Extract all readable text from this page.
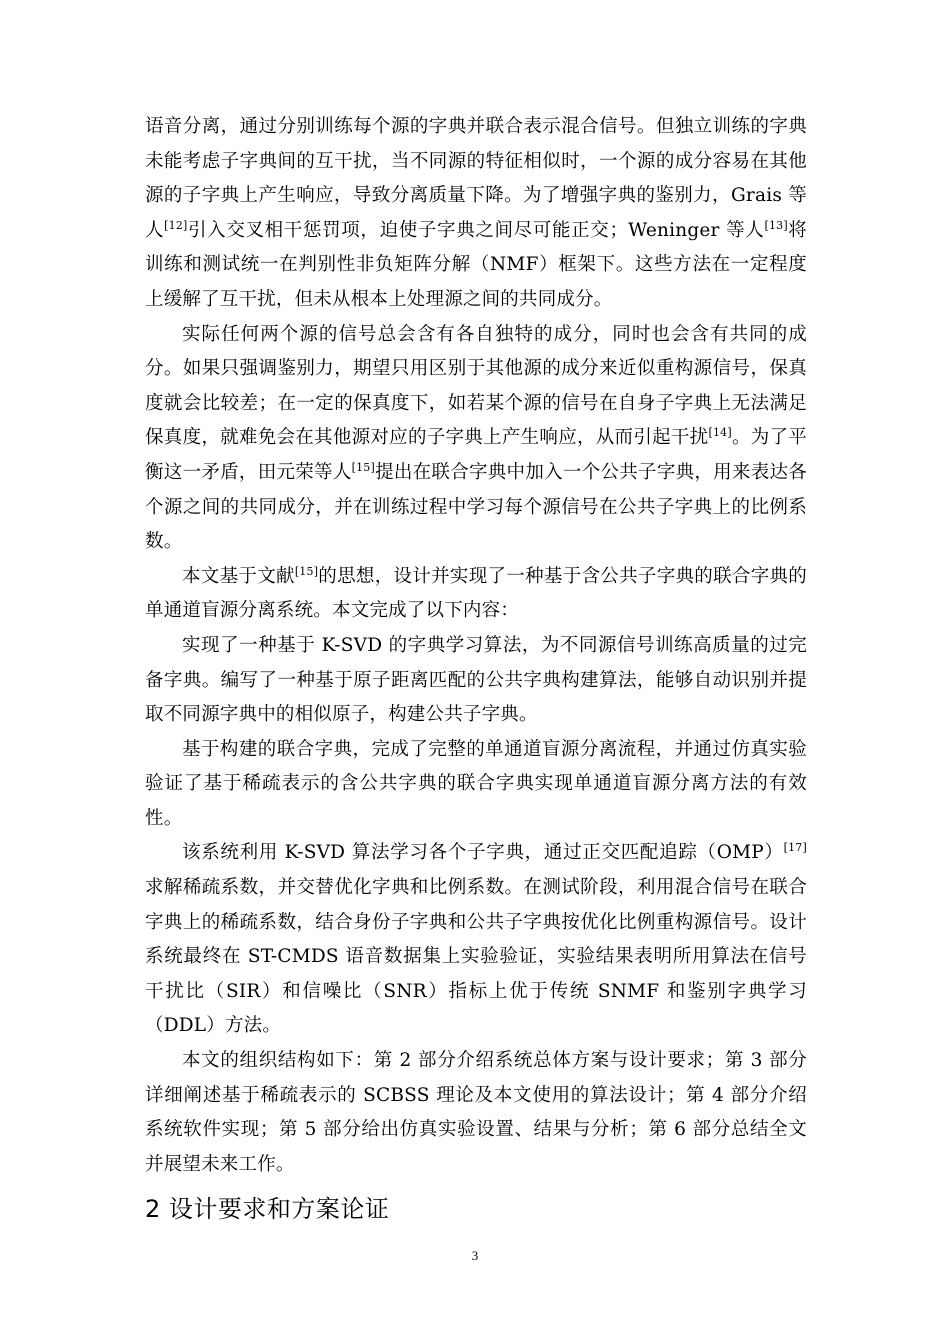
语音分离，通过分别训练每个源的字典并联合表示混合信号。但独立训练的字典未能考虑子字典间的互干扰，当不同源的特征相似时，一个源的成分容易在其他源的子字典上产生响应，导致分离质量下降。为了增强字典的鉴别力，Grais 等人[12]引入交叉相干惩罚项，迫使子字典之间尽可能正交；Weninger 等人[13]将训练和测试统一在判别性非负矩阵分解（NMF）框架下。这些方法在一定程度上缓解了互干扰，但未从根本上处理源之间的共同成分。

实际任何两个源的信号总会含有各自独特的成分，同时也会含有共同的成分。如果只强调鉴别力，期望只用区别于其他源的成分来近似重构源信号，保真度就会比较差；在一定的保真度下，如若某个源的信号在自身子字典上无法满足保真度，就难免会在其他源对应的子字典上产生响应，从而引起干扰[14]。为了平衡这一矛盾，田元荣等人[15]提出在联合字典中加入一个公共子字典，用来表达各个源之间的共同成分，并在训练过程中学习每个源信号在公共子字典上的比例系数。

本文基于文献[15]的思想，设计并实现了一种基于含公共子字典的联合字典的单通道盲源分离系统。本文完成了以下内容：

实现了一种基于 K-SVD 的字典学习算法，为不同源信号训练高质量的过完备字典。编写了一种基于原子距离匹配的公共字典构建算法，能够自动识别并提取不同源字典中的相似原子，构建公共子字典。

基于构建的联合字典，完成了完整的单通道盲源分离流程，并通过仿真实验验证了基于稀疏表示的含公共字典的联合字典实现单通道盲源分离方法的有效性。

该系统利用 K-SVD 算法学习各个子字典，通过正交匹配追踪（OMP）[17]求解稀疏系数，并交替优化字典和比例系数。在测试阶段，利用混合信号在联合字典上的稀疏系数，结合身份子字典和公共子字典按优化比例重构源信号。设计系统最终在 ST-CMDS 语音数据集上实验验证，实验结果表明所用算法在信号干扰比（SIR）和信噪比（SNR）指标上优于传统 SNMF 和鉴别字典学习（DDL）方法。

本文的组织结构如下：第 2 部分介绍系统总体方案与设计要求；第 3 部分详细阐述基于稀疏表示的 SCBSS 理论及本文使用的算法设计；第 4 部分介绍系统软件实现；第 5 部分给出仿真实验设置、结果与分析；第 6 部分总结全文并展望未来工作。

2 设计要求和方案论证
3
